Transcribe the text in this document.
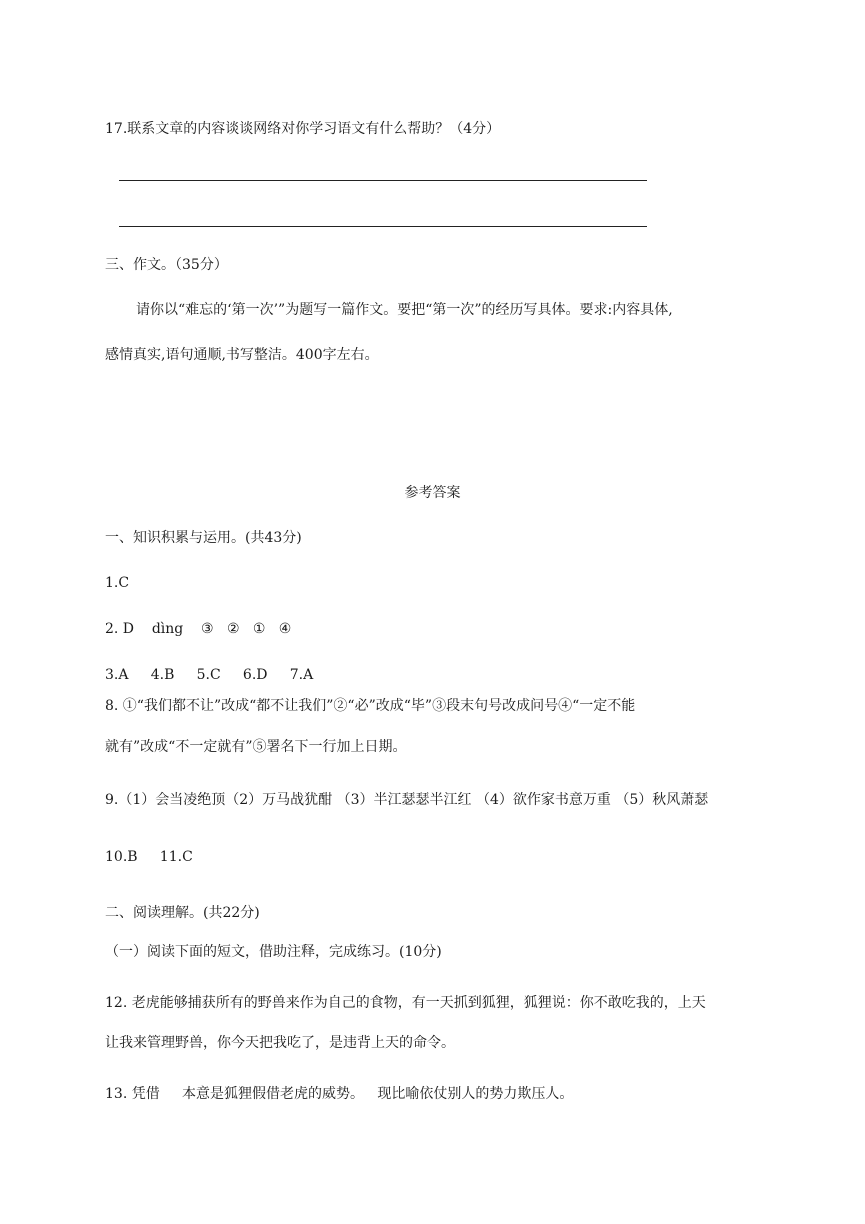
17.联系文章的内容谈谈网络对你学习语文有什么帮助？（4分）
三、作文。（35分）
请你以“难忘的‘第一次’”为题写一篇作文。要把“第一次”的经历写具体。要求:内容具体,
感情真实,语句通顺,书写整洁。400字左右。
参考答案
一、知识积累与运用。(共43分)
1.C
2. D    dìng    ③   ②   ①   ④
3.A     4.B     5.C     6.D     7.A
8. ①“我们都不让”改成“都不让我们”②“必”改成“毕”③段末句号改成问号④“一定不能
就有”改成“不一定就有”⑤署名下一行加上日期。
9.（1）会当凌绝顶（2）万马战犹酣 （3）半江瑟瑟半江红 （4）欲作家书意万重 （5）秋风萧瑟
10.B     11.C
二、阅读理解。(共22分)
（一）阅读下面的短文，借助注释，完成练习。(10分)
12. 老虎能够捕获所有的野兽来作为自己的食物，有一天抓到狐狸，狐狸说：你不敢吃我的，上天
让我来管理野兽，你今天把我吃了，是违背上天的命令。
13. 凭借     本意是狐狸假借老虎的威势。   现比喻依仗别人的势力欺压人。
